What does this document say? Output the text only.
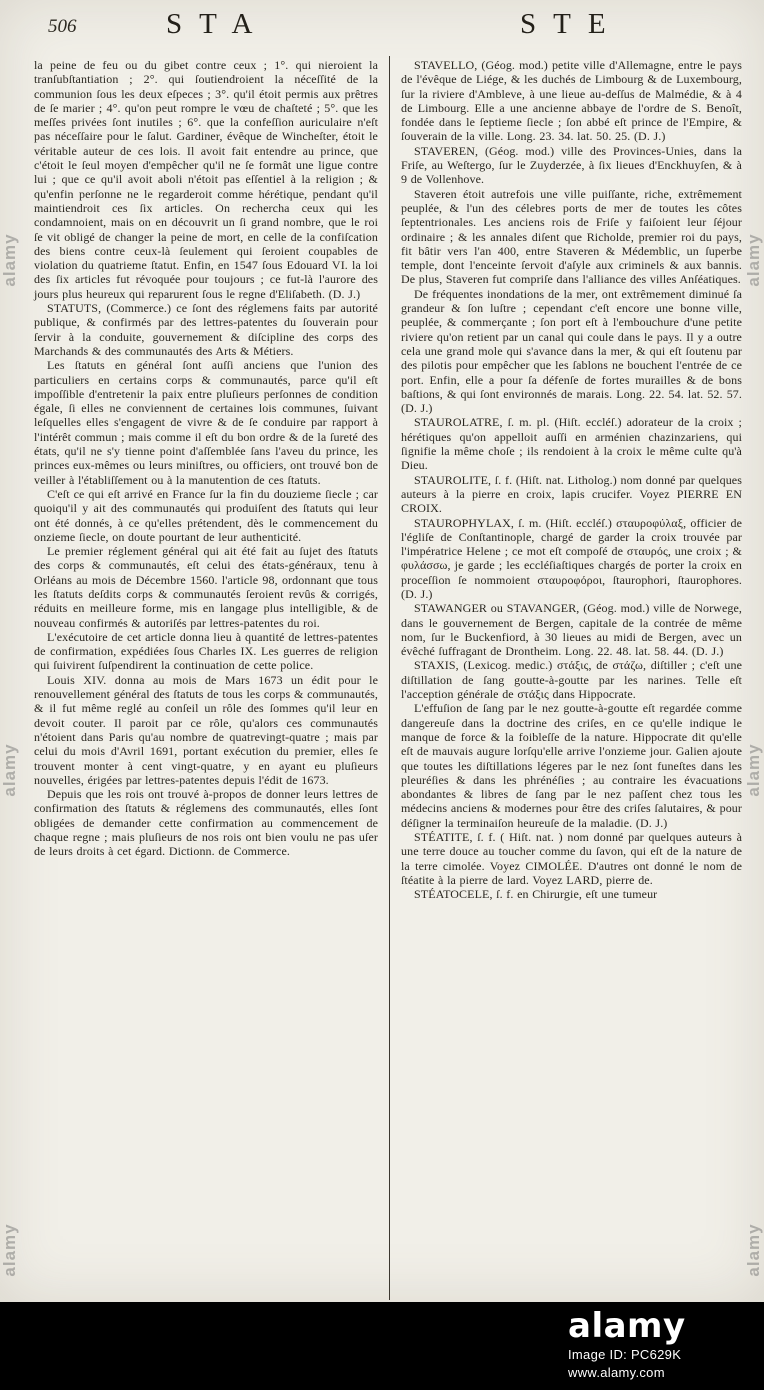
506	STA	STE

la peine de feu ou du gibet contre ceux ; 1°. qui nieroient la tranſubſtantiation ; 2°. qui ſoutiendroient la néceſſité de la communion ſous les deux eſpeces ; 3°. qu'il étoit permis aux prêtres de ſe marier ; 4°. qu'on peut rompre le vœu de chaſteté ; 5°. que les meſſes privées ſont inutiles ; 6°. que la confeſſion auriculaire n'eſt pas néceſſaire pour le ſalut. Gardiner, évêque de Wincheſter, étoit le véritable auteur de ces lois. Il avoit fait entendre au prince, que c'étoit le ſeul moyen d'empêcher qu'il ne ſe formât une ligue contre lui ; que ce qu'il avoit aboli n'étoit pas eſſentiel à la religion ; & qu'enfin perſonne ne le regarderoit comme hérétique, pendant qu'il maintiendroit ces ſix articles. On rechercha ceux qui les condamnoient, mais on en découvrit un ſi grand nombre, que le roi ſe vit obligé de changer la peine de mort, en celle de la confiſcation des biens contre ceux-là ſeulement qui ſeroient coupables de violation du quatrieme ſtatut. Enfin, en 1547 ſous Edouard VI. la loi des ſix articles fut révoquée pour toujours ; ce fut-là l'aurore des jours plus heureux qui reparurent ſous le regne d'Eliſabeth. (D. J.)

STATUTS, (Commerce.) ce ſont des réglemens faits par autorité publique, & confirmés par des lettres-patentes du ſouverain pour ſervir à la conduite, gouvernement & diſcipline des corps des Marchands & des communautés des Arts & Métiers.

Les ſtatuts en général ſont auſſi anciens que l'union des particuliers en certains corps & communautés, parce qu'il eſt impoſſible d'entretenir la paix entre pluſieurs perſonnes de condition égale, ſi elles ne conviennent de certaines lois communes, ſuivant leſquelles elles s'engagent de vivre & de ſe conduire par rapport à l'intérêt commun ; mais comme il eſt du bon ordre & de la ſureté des états, qu'il ne s'y tienne point d'aſſemblée ſans l'aveu du prince, les princes eux-mêmes ou leurs miniſtres, ou officiers, ont trouvé bon de veiller à l'établiſſement ou à la manutention de ces ſtatuts.

C'eſt ce qui eſt arrivé en France ſur la fin du douzieme ſiecle ; car quoiqu'il y ait des communautés qui produiſent des ſtatuts qui leur ont été donnés, à ce qu'elles prétendent, dès le commencement du onzieme ſiecle, on doute pourtant de leur authenticité.

Le premier réglement général qui ait été fait au ſujet des ſtatuts des corps & communautés, eſt celui des états-généraux, tenu à Orléans au mois de Décembre 1560. l'article 98, ordonnant que tous les ſtatuts deſdits corps & communautés ſeroient revûs & corrigés, réduits en meilleure forme, mis en langage plus intelligible, & de nouveau confirmés & autoriſés par lettres-patentes du roi.

L'exécutoire de cet article donna lieu à quantité de lettres-patentes de confirmation, expédiées ſous Charles IX. Les guerres de religion qui ſuivirent ſuſpendirent la continuation de cette police.

Louis XIV. donna au mois de Mars 1673 un édit pour le renouvellement général des ſtatuts de tous les corps & communautés, & il fut même reglé au conſeil un rôle des ſommes qu'il leur en devoit couter. Il paroit par ce rôle, qu'alors ces communautés n'étoient dans Paris qu'au nombre de quatrevingt-quatre ; mais par celui du mois d'Avril 1691, portant exécution du premier, elles ſe trouvent monter à cent vingt-quatre, y en ayant eu pluſieurs nouvelles, érigées par lettres-patentes depuis l'édit de 1673.

Depuis que les rois ont trouvé à-propos de donner leurs lettres de confirmation des ſtatuts & réglemens des communautés, elles ſont obligées de demander cette confirmation au commencement de chaque regne ; mais pluſieurs de nos rois ont bien voulu ne pas uſer de leurs droits à cet égard. Dictionn. de Commerce.

STAVELLO, (Géog. mod.) petite ville d'Allemagne, entre le pays de l'évêque de Liége, & les duchés de Limbourg & de Luxembourg, ſur la riviere d'Ambleve, à une lieue au-deſſus de Malmédie, & à 4 de Limbourg. Elle a une ancienne abbaye de l'ordre de S. Benoît, fondée dans le ſeptieme ſiecle ; ſon abbé eſt prince de l'Empire, & ſouverain de la ville. Long. 23. 34. lat. 50. 25. (D. J.)

STAVEREN, (Géog. mod.) ville des Provinces-Unies, dans la Friſe, au Weſtergo, ſur le Zuyderzée, à ſix lieues d'Enckhuyſen, & à 9 de Vollenhove.

Staveren étoit autrefois une ville puiſſante, riche, extrêmement peuplée, & l'un des célebres ports de mer de toutes les côtes ſeptentrionales. Les anciens rois de Friſe y faiſoient leur ſéjour ordinaire ; & les annales diſent que Richolde, premier roi du pays, fit bâtir vers l'an 400, entre Staveren & Médemblic, un ſuperbe temple, dont l'enceinte ſervoit d'aſyle aux criminels & aux bannis. De plus, Staveren fut compriſe dans l'alliance des villes Anſéatiques.

De fréquentes inondations de la mer, ont extrêmement diminué ſa grandeur & ſon luſtre ; cependant c'eſt encore une bonne ville, peuplée, & commerçante ; ſon port eſt à l'embouchure d'une petite riviere qu'on retient par un canal qui coule dans le pays. Il y a outre cela une grand mole qui s'avance dans la mer, & qui eſt ſoutenu par des pilotis pour empêcher que les ſablons ne bouchent l'entrée de ce port. Enfin, elle a pour ſa défenſe de fortes murailles & de bons baſtions, & qui ſont environnés de marais. Long. 22. 54. lat. 52. 57. (D. J.)

STAUROLATRE, ſ. m. pl. (Hiſt. eccléſ.) adorateur de la croix ; hérétiques qu'on appelloit auſſi en arménien chazinzariens, qui ſignifie la même choſe ; ils rendoient à la croix le même culte qu'à Dieu.

STAUROLITE, ſ. f. (Hiſt. nat. Litholog.) nom donné par quelques auteurs à la pierre en croix, lapis crucifer. Voyez PIERRE EN CROIX.

STAUROPHYLAX, ſ. m. (Hiſt. eccléſ.) σταυροφύλαξ, officier de l'égliſe de Conſtantinople, chargé de garder la croix trouvée par l'impératrice Helene ; ce mot eſt compoſé de σταυρός, une croix ; & φυλάσσω, je garde ; les eccléſiaſtiques chargés de porter la croix en proceſſion ſe nommoient σταυροφόροι, ſtaurophori, ſtaurophores. (D. J.)

STAWANGER ou STAVANGER, (Géog. mod.) ville de Norwege, dans le gouvernement de Bergen, capitale de la contrée de même nom, ſur le Buckenfiord, à 30 lieues au midi de Bergen, avec un évêché ſuffragant de Drontheim. Long. 22. 48. lat. 58. 44. (D. J.)

STAXIS, (Lexicog. medic.) στάξις, de στάζω, diſtiller ; c'eſt une diſtillation de ſang goutte-à-goutte par les narines. Telle eſt l'acception générale de στάξις dans Hippocrate.

L'effuſion de ſang par le nez goutte-à-goutte eſt regardée comme dangereuſe dans la doctrine des criſes, en ce qu'elle indique le manque de force & la foibleſſe de la nature. Hippocrate dit qu'elle eſt de mauvais augure lorſqu'elle arrive l'onzieme jour. Galien ajoute que toutes les diſtillations légeres par le nez ſont funeſtes dans les pleuréſies & dans les phrénéſies ; au contraire les évacuations abondantes & libres de ſang par le nez paſſent chez tous les médecins anciens & modernes pour être des criſes ſalutaires, & pour déſigner la terminaiſon heureuſe de la maladie. (D. J.)

STÉATITE, ſ. f. ( Hiſt. nat. ) nom donné par quelques auteurs à une terre douce au toucher comme du ſavon, qui eſt de la nature de la terre cimolée. Voyez CIMOLÉE. D'autres ont donné le nom de ſtéatite à la pierre de lard. Voyez LARD, pierre de.

STÉATOCELE, ſ. f. en Chirurgie, eſt une tumeur

alamy
alamy
alamy
alamy
alamy
alamy
alamy
Image ID: PC629K
www.alamy.com
